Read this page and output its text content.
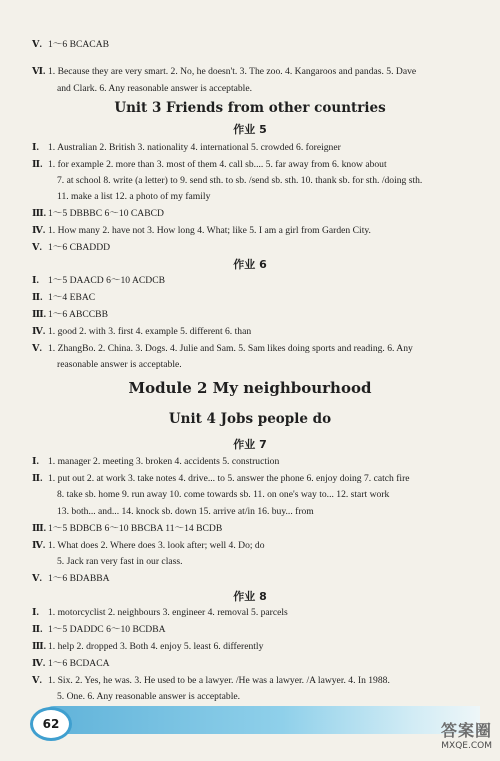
Ⅴ. 1～6 BCACAB
Ⅵ. 1. Because they are very smart. 2. No, he doesn't. 3. The zoo. 4. Kangaroos and pandas. 5. Dave
and Clark. 6. Any reasonable answer is acceptable.
Unit 3 Friends from other countries
作业 5
Ⅰ. 1. Australian 2. British 3. nationality 4. international 5. crowded 6. foreigner
Ⅱ. 1. for example 2. more than 3. most of them 4. call sb.... 5. far away from 6. know about
7. at school 8. write (a letter) to 9. send sth. to sb. /send sb. sth. 10. thank sb. for sth. /doing sth.
11. make a list 12. a photo of my family
Ⅲ. 1～5 DBBBC 6～10 CABCD
Ⅳ. 1. How many 2. have not 3. How long 4. What; like 5. I am a girl from Garden City.
Ⅴ. 1～6 CBADDD
作业 6
Ⅰ. 1～5 DAACD 6～10 ACDCB
Ⅱ. 1～4 EBAC
Ⅲ. 1～6 ABCCBB
Ⅳ. 1. good 2. with 3. first 4. example 5. different 6. than
Ⅴ. 1. ZhangBo. 2. China. 3. Dogs. 4. Julie and Sam. 5. Sam likes doing sports and reading. 6. Any
reasonable answer is acceptable.
Module 2 My neighbourhood
Unit 4 Jobs people do
作业 7
Ⅰ. 1. manager 2. meeting 3. broken 4. accidents 5. construction
Ⅱ. 1. put out 2. at work 3. take notes 4. drive... to 5. answer the phone 6. enjoy doing 7. catch fire
8. take sb. home 9. run away 10. come towards sb. 11. on one's way to... 12. start work
13. both... and... 14. knock sb. down 15. arrive at/in 16. buy... from
Ⅲ. 1～5 BDBCB 6～10 BBCBA 11～14 BCDB
Ⅳ. 1. What does 2. Where does 3. look after; well 4. Do; do
5. Jack ran very fast in our class.
Ⅴ. 1～6 BDABBA
作业 8
Ⅰ. 1. motorcyclist 2. neighbours 3. engineer 4. removal 5. parcels
Ⅱ. 1～5 DADDC 6～10 BCDBA
Ⅲ. 1. help 2. dropped 3. Both 4. enjoy 5. least 6. differently
Ⅳ. 1～6 BCDACA
Ⅴ. 1. Six. 2. Yes, he was. 3. He used to be a lawyer. /He was a lawyer. /A lawyer. 4. In 1988.
5. One. 6. Any reasonable answer is acceptable.
62	答案圈
MXQE.COM
